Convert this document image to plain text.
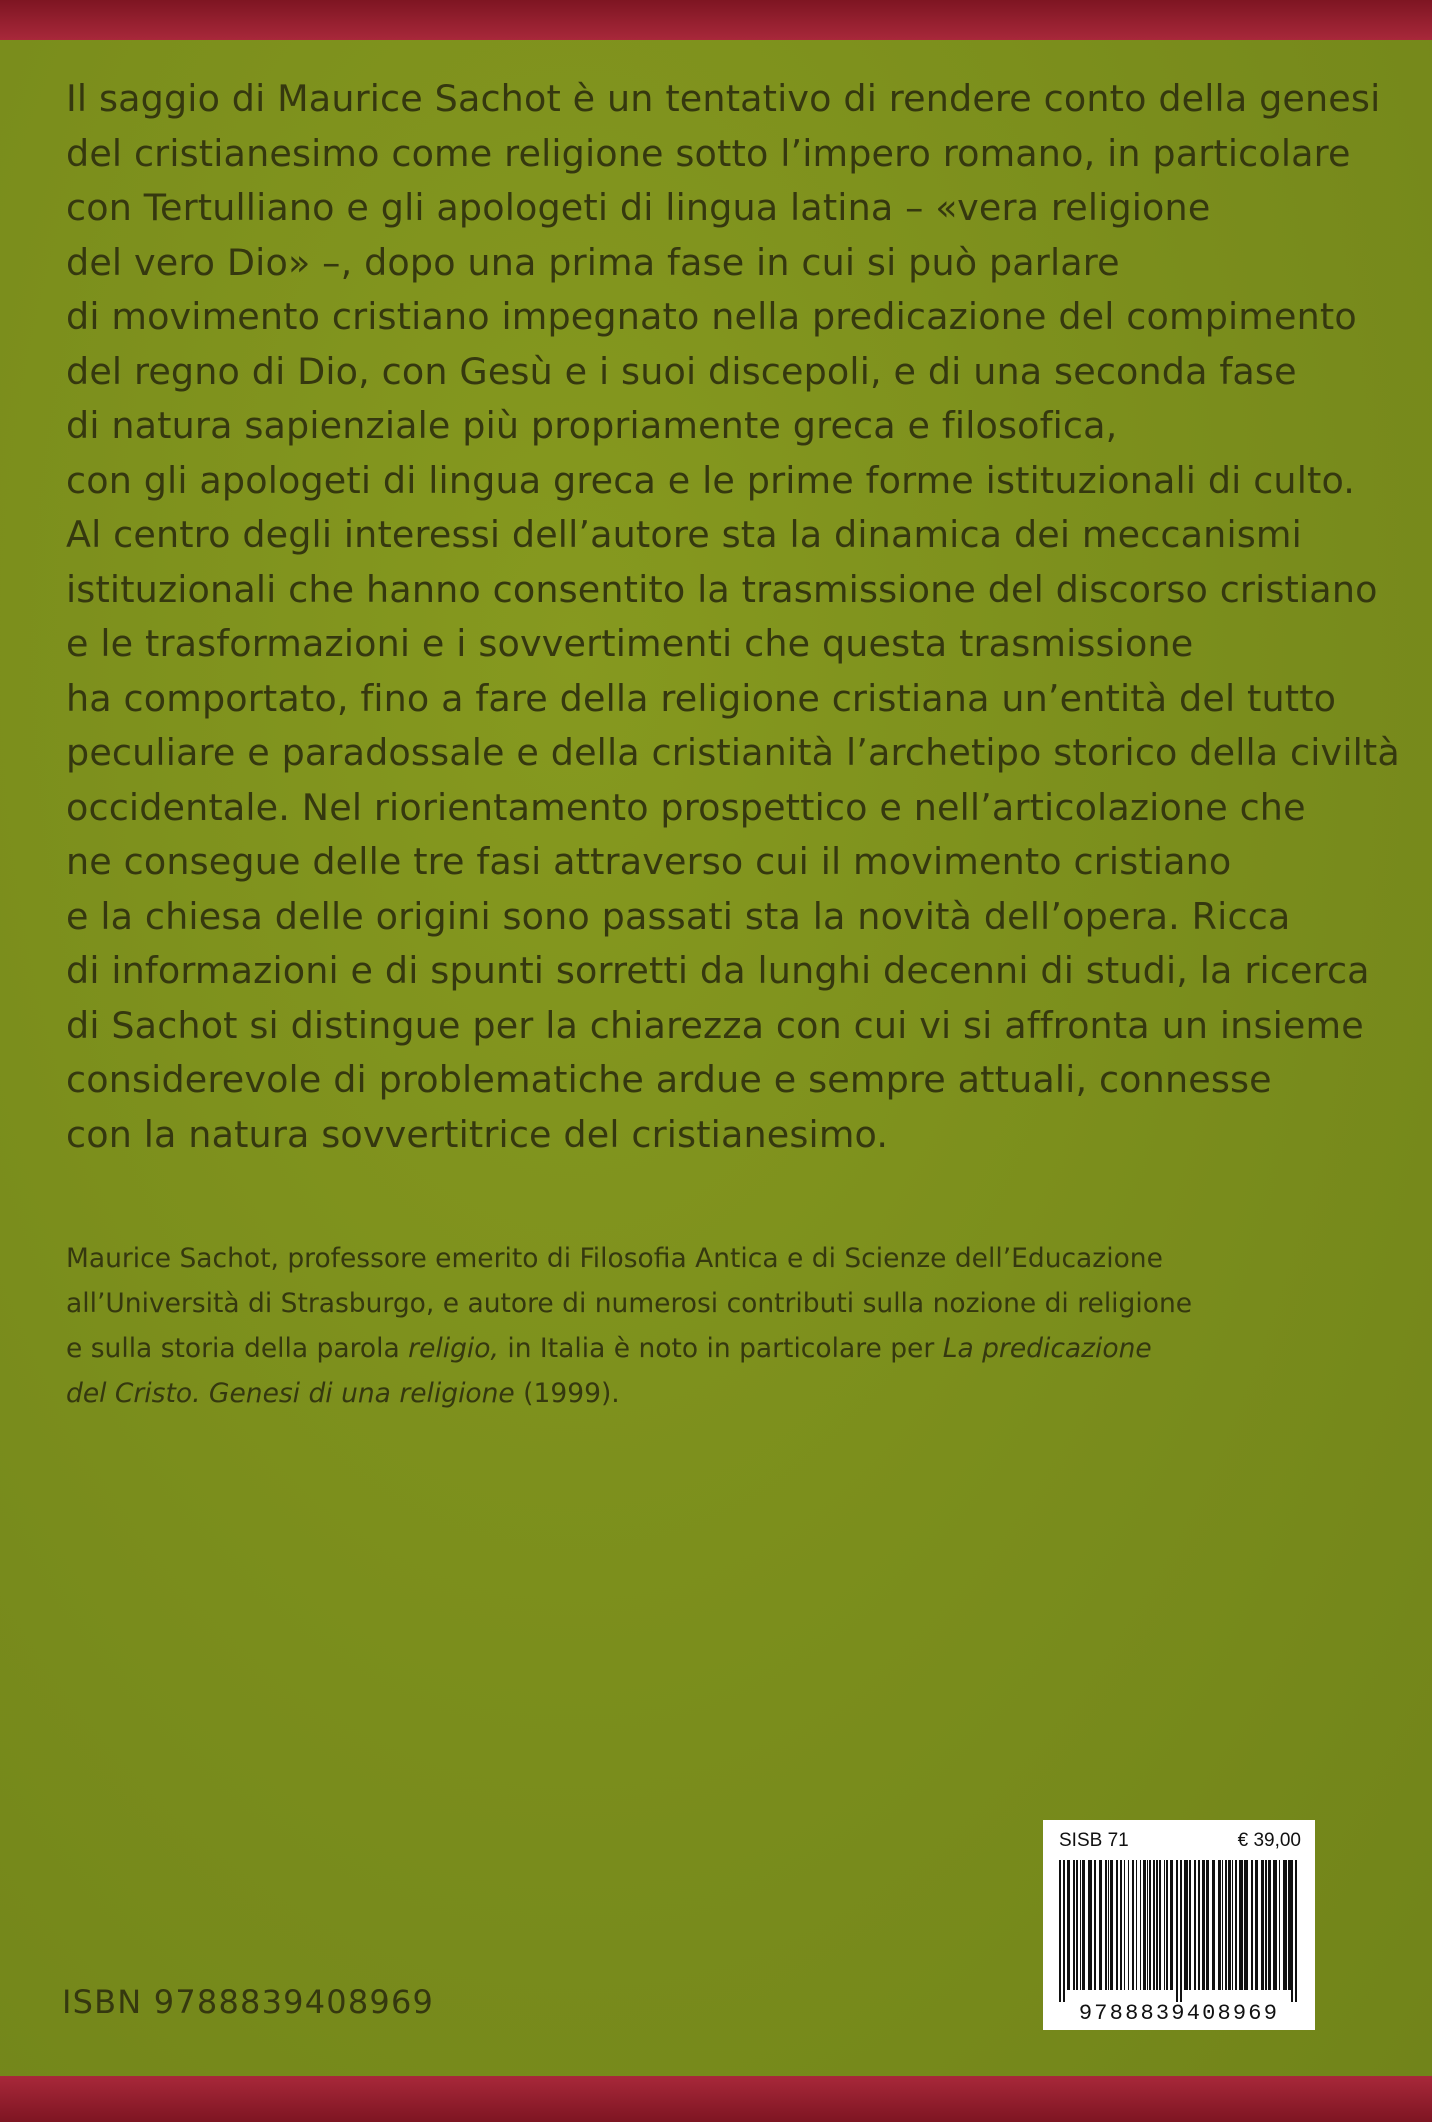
Il saggio di Maurice Sachot è un tentativo di rendere conto della genesi
del cristianesimo come religione sotto l’impero romano, in particolare
con Tertulliano e gli apologeti di lingua latina – «vera religione
del vero Dio» –, dopo una prima fase in cui si può parlare
di movimento cristiano impegnato nella predicazione del compimento
del regno di Dio, con Gesù e i suoi discepoli, e di una seconda fase
di natura sapienziale più propriamente greca e filosofica,
con gli apologeti di lingua greca e le prime forme istituzionali di culto.
Al centro degli interessi dell’autore sta la dinamica dei meccanismi
istituzionali che hanno consentito la trasmissione del discorso cristiano
e le trasformazioni e i sovvertimenti che questa trasmissione
ha comportato, fino a fare della religione cristiana un’entità del tutto
peculiare e paradossale e della cristianità l’archetipo storico della civiltà
occidentale. Nel riorientamento prospettico e nell’articolazione che
ne consegue delle tre fasi attraverso cui il movimento cristiano
e la chiesa delle origini sono passati sta la novità dell’opera. Ricca
di informazioni e di spunti sorretti da lunghi decenni di studi, la ricerca
di Sachot si distingue per la chiarezza con cui vi si affronta un insieme
considerevole di problematiche ardue e sempre attuali, connesse
con la natura sovvertitrice del cristianesimo.
Maurice Sachot, professore emerito di Filosofia Antica e di Scienze dell’Educazione
all’Università di Strasburgo, e autore di numerosi contributi sulla nozione di religione
e sulla storia della parola religio, in Italia è noto in particolare per La predicazione
del Cristo. Genesi di una religione (1999).
ISBN 9788839408969
SISB 71	€ 39,00
9788839408969
